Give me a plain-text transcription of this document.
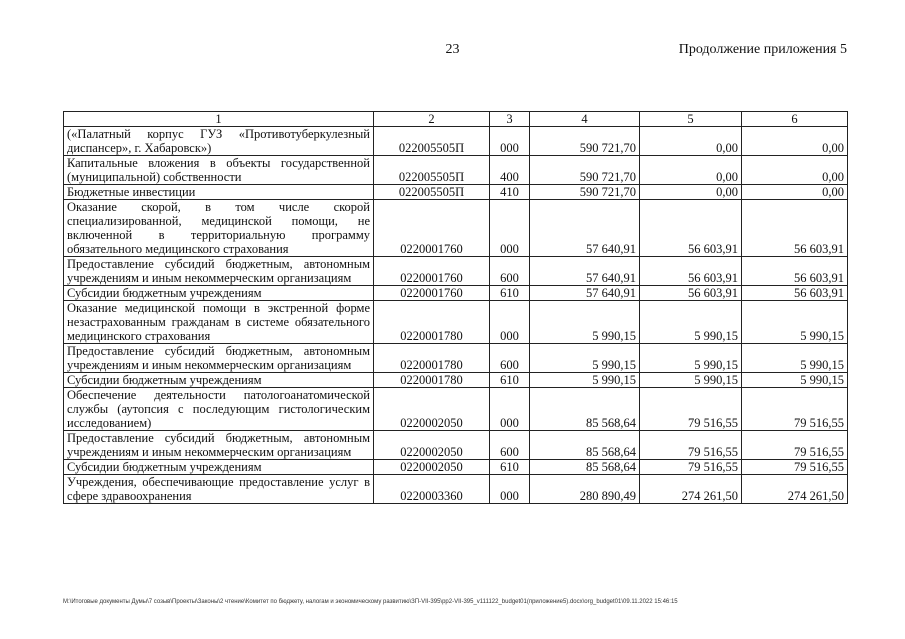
23	Продолжение приложения 5
1	2	3	4	5	6
(«Палатный корпус ГУЗ «Противотуберкулезный диспансер», г. Хабаровск»)	022005505П	000	590 721,70	0,00	0,00
Капитальные вложения в объекты государственной (муниципальной) собственности	022005505П	400	590 721,70	0,00	0,00
Бюджетные инвестиции	022005505П	410	590 721,70	0,00	0,00
Оказание скорой, в том числе скорой специализированной, медицинской помощи, не включенной в территориальную программу обязательного медицинского страхования	0220001760	000	57 640,91	56 603,91	56 603,91
Предоставление субсидий бюджетным, автономным учреждениям и иным некоммерческим организациям	0220001760	600	57 640,91	56 603,91	56 603,91
Субсидии бюджетным учреждениям	0220001760	610	57 640,91	56 603,91	56 603,91
Оказание медицинской помощи в экстренной форме незастрахованным гражданам в системе обязательного медицинского страхования	0220001780	000	5 990,15	5 990,15	5 990,15
Предоставление субсидий бюджетным, автономным учреждениям и иным некоммерческим организациям	0220001780	600	5 990,15	5 990,15	5 990,15
Субсидии бюджетным учреждениям	0220001780	610	5 990,15	5 990,15	5 990,15
Обеспечение деятельности патологоанатомической службы (аутопсия с последующим гистологическим исследованием)	0220002050	000	85 568,64	79 516,55	79 516,55
Предоставление субсидий бюджетным, автономным учреждениям и иным некоммерческим организациям	0220002050	600	85 568,64	79 516,55	79 516,55
Субсидии бюджетным учреждениям	0220002050	610	85 568,64	79 516,55	79 516,55
Учреждения, обеспечивающие предоставление услуг в сфере здравоохранения	0220003360	000	280 890,49	274 261,50	274 261,50
M:\Итоговые документы Думы\7 созыв\Проекты\Законы\2 чтение\Комитет по бюджету, налогам и экономическому развитию\ЗП-VII-395\рр2-VII-395_v111122_budget01(приложение5).docx\org_budget01\09.11.2022 15:46:15
